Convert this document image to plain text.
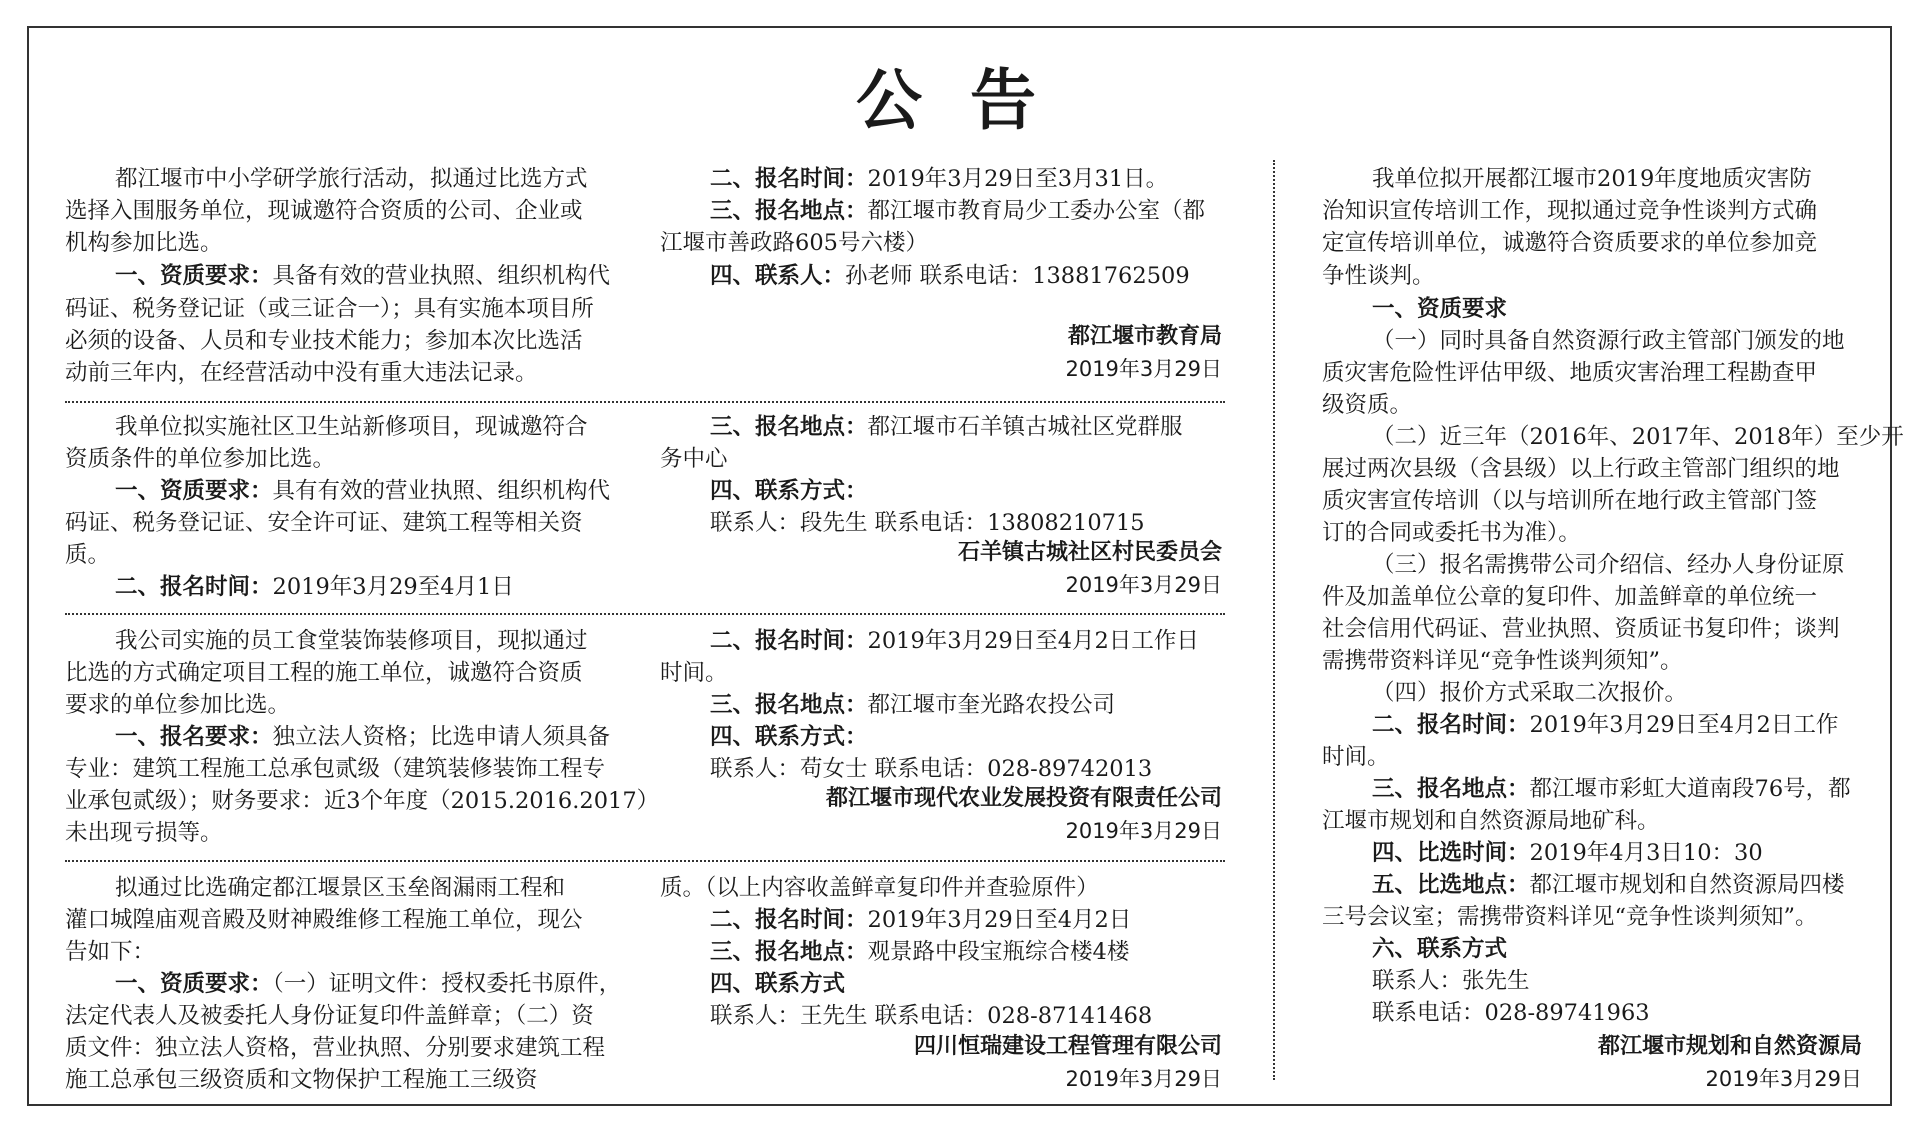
公 告
都江堰市中小学研学旅行活动，拟通过比选方式
选择入围服务单位，现诚邀符合资质的公司、企业或
机构参加比选。
一、资质要求：具备有效的营业执照、组织机构代
码证、税务登记证（或三证合一）；具有实施本项目所
必须的设备、人员和专业技术能力；参加本次比选活
动前三年内，在经营活动中没有重大违法记录。
二、报名时间：2019年3月29日至3月31日。
三、报名地点：都江堰市教育局少工委办公室（都
江堰市善政路605号六楼）
四、联系人：孙老师 联系电话：13881762509
都江堰市教育局
2019年3月29日
我单位拟实施社区卫生站新修项目，现诚邀符合
资质条件的单位参加比选。
一、资质要求：具有有效的营业执照、组织机构代
码证、税务登记证、安全许可证、建筑工程等相关资
质。
二、报名时间：2019年3月29至4月1日
三、报名地点：都江堰市石羊镇古城社区党群服
务中心
四、联系方式：
联系人：段先生 联系电话：13808210715
石羊镇古城社区村民委员会
2019年3月29日
我公司实施的员工食堂装饰装修项目，现拟通过
比选的方式确定项目工程的施工单位，诚邀符合资质
要求的单位参加比选。
一、报名要求：独立法人资格；比选申请人须具备
专业：建筑工程施工总承包贰级（建筑装修装饰工程专
业承包贰级）；财务要求：近3个年度（2015.2016.2017）
未出现亏损等。
二、报名时间：2019年3月29日至4月2日工作日
时间。
三、报名地点：都江堰市奎光路农投公司
四、联系方式：
联系人：苟女士 联系电话：028-89742013
都江堰市现代农业发展投资有限责任公司
2019年3月29日
拟通过比选确定都江堰景区玉垒阁漏雨工程和
灌口城隍庙观音殿及财神殿维修工程施工单位，现公
告如下：
一、资质要求：（一）证明文件：授权委托书原件，
法定代表人及被委托人身份证复印件盖鲜章；（二）资
质文件：独立法人资格，营业执照、分别要求建筑工程
施工总承包三级资质和文物保护工程施工三级资
质。（以上内容收盖鲜章复印件并查验原件）
二、报名时间：2019年3月29日至4月2日
三、报名地点：观景路中段宝瓶综合楼4楼
四、联系方式
联系人：王先生 联系电话：028-87141468
四川恒瑞建设工程管理有限公司
2019年3月29日
我单位拟开展都江堰市2019年度地质灾害防
治知识宣传培训工作，现拟通过竞争性谈判方式确
定宣传培训单位，诚邀符合资质要求的单位参加竞
争性谈判。
一、资质要求
（一）同时具备自然资源行政主管部门颁发的地
质灾害危险性评估甲级、地质灾害治理工程勘查甲
级资质。
（二）近三年（2016年、2017年、2018年）至少开
展过两次县级（含县级）以上行政主管部门组织的地
质灾害宣传培训（以与培训所在地行政主管部门签
订的合同或委托书为准）。
（三）报名需携带公司介绍信、经办人身份证原
件及加盖单位公章的复印件、加盖鲜章的单位统一
社会信用代码证、营业执照、资质证书复印件；谈判
需携带资料详见“竞争性谈判须知”。
（四）报价方式采取二次报价。
二、报名时间：2019年3月29日至4月2日工作
时间。
三、报名地点：都江堰市彩虹大道南段76号，都
江堰市规划和自然资源局地矿科。
四、比选时间：2019年4月3日10：30
五、比选地点：都江堰市规划和自然资源局四楼
三号会议室；需携带资料详见“竞争性谈判须知”。
六、联系方式
联系人：张先生
联系电话：028-89741963
都江堰市规划和自然资源局
2019年3月29日
